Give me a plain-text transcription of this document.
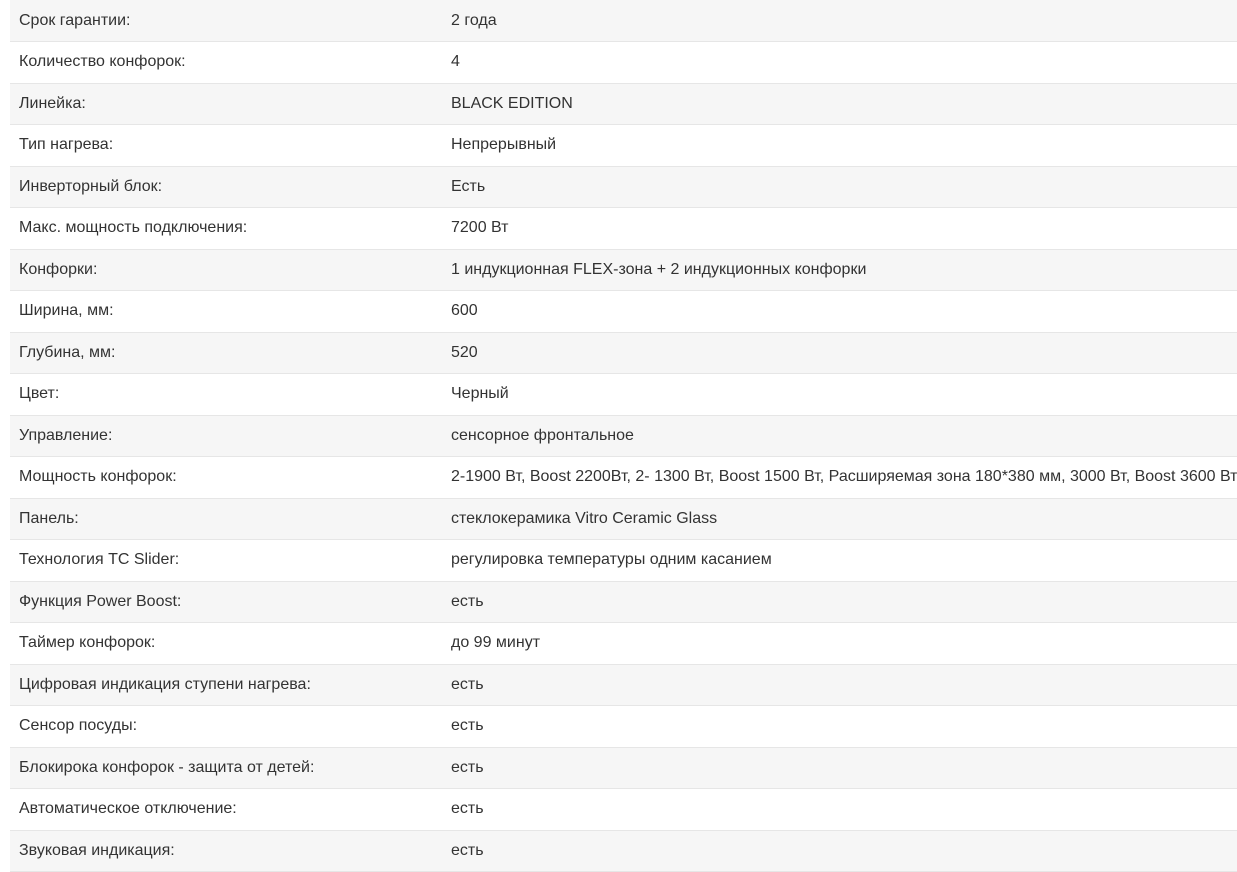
Срок гарантии:	2 года
Количество конфорок:	4
Линейка:	BLACK EDITION
Тип нагрева:	Непрерывный
Инверторный блок:	Есть
Макс. мощность подключения:	7200 Вт
Конфорки:	1 индукционная FLEX-зона + 2 индукционных конфорки
Ширина, мм:	600
Глубина, мм:	520
Цвет:	Черный
Управление:	сенсорное фронтальное
Мощность конфорок:	2-1900 Вт, Boost 2200Вт, 2- 1300 Вт, Boost 1500 Вт, Расширяемая зона 180*380 мм, 3000 Вт, Boost 3600 Вт
Панель:	стеклокерамика Vitro Ceramic Glass
Технология TC Slider:	регулировка температуры одним касанием
Функция Power Boost:	есть
Таймер конфорок:	до 99 минут
Цифровая индикация ступени нагрева:	есть
Сенсор посуды:	есть
Блокирока конфорок - защита от детей:	есть
Автоматическое отключение:	есть
Звуковая индикация:	есть
